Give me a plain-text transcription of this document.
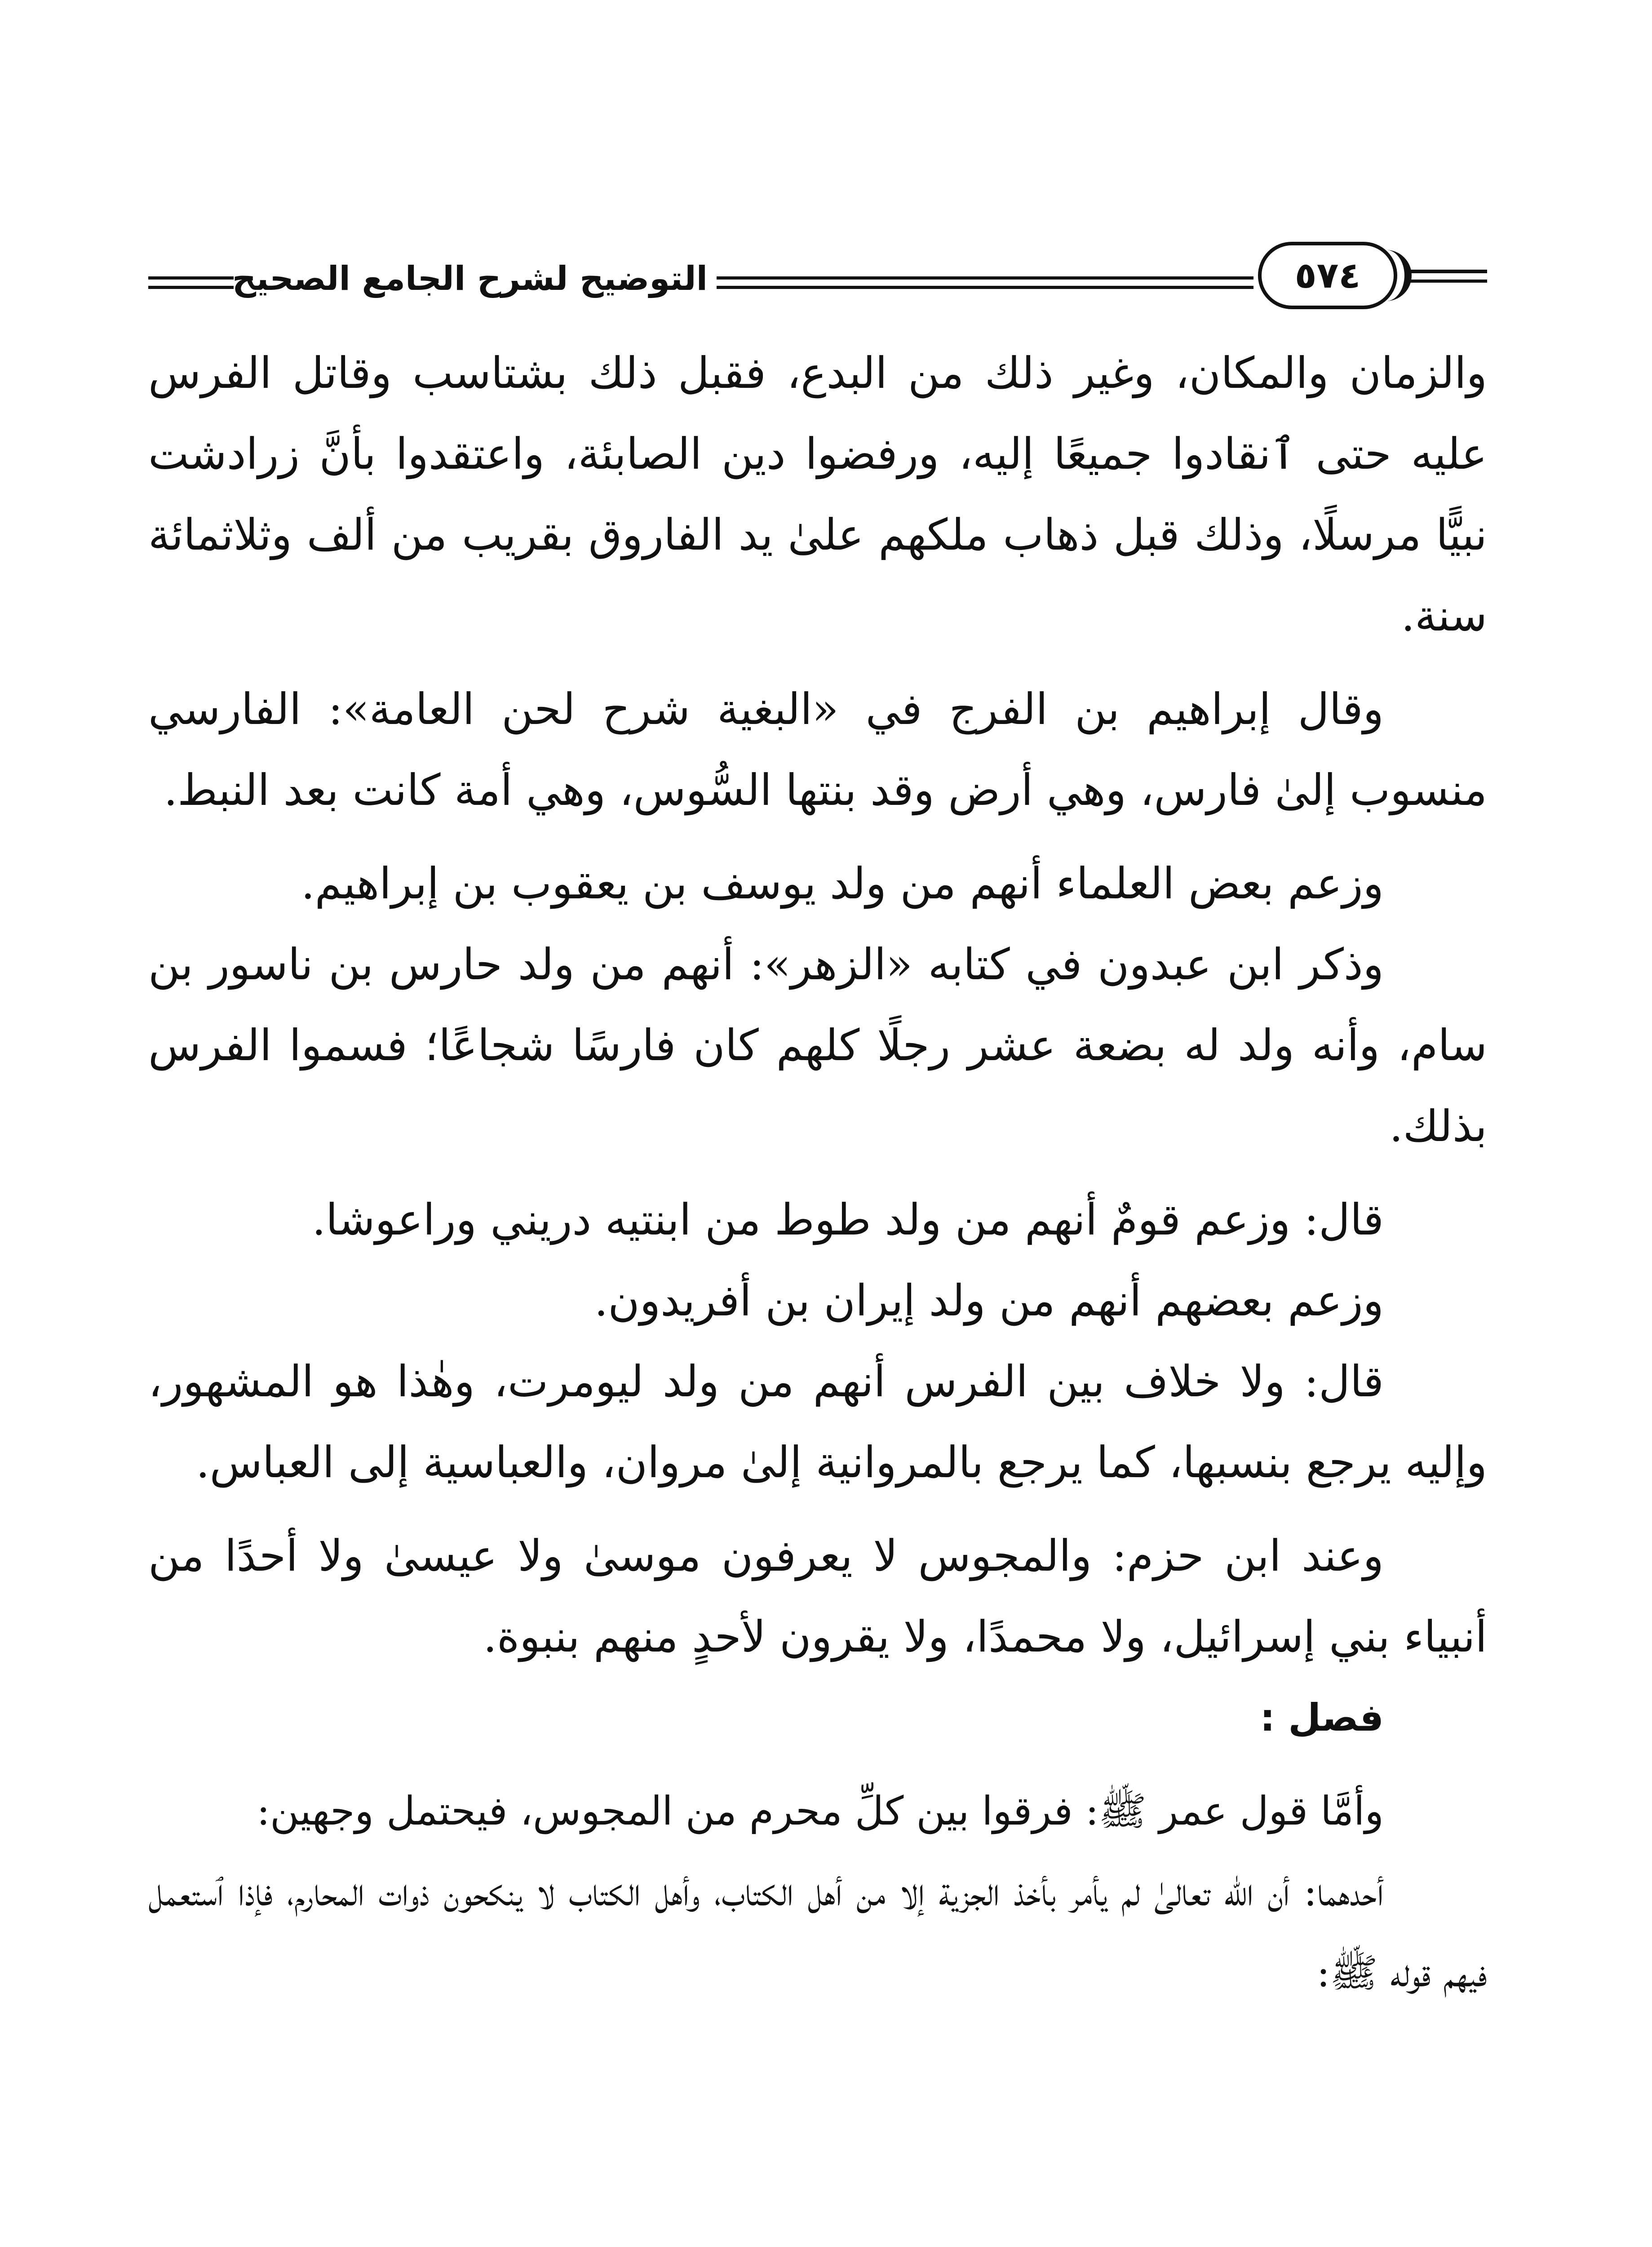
التوضيح لشرح الجامع الصحيح	٥٧٤

والزمان والمكان، وغير ذلك من البدع، فقبل ذلك بشتاسب وقاتل الفرس عليه حتى ٱنقادوا جميعًا إليه، ورفضوا دين الصابئة، واعتقدوا بأنَّ زرادشت نبيًّا مرسلًا، وذلك قبل ذهاب ملكهم علىٰ يد الفاروق بقريب من ألف وثلاثمائة سنة.

وقال إبراهيم بن الفرج في «البغية شرح لحن العامة»: الفارسي منسوب إلىٰ فارس، وهي أرض وقد بنتها السُّوس، وهي أمة كانت بعد النبط.

وزعم بعض العلماء أنهم من ولد يوسف بن يعقوب بن إبراهيم.

وذكر ابن عبدون في كتابه «الزهر»: أنهم من ولد حارس بن ناسور بن سام، وأنه ولد له بضعة عشر رجلًا كلهم كان فارسًا شجاعًا؛ فسموا الفرس بذلك.

قال: وزعم قومٌ أنهم من ولد طوط من ابنتيه دريني وراعوشا.

وزعم بعضهم أنهم من ولد إيران بن أفريدون.

قال: ولا خلاف بين الفرس أنهم من ولد ليومرت، وهٰذا هو المشهور، وإليه يرجع بنسبها، كما يرجع بالمروانية إلىٰ مروان، والعباسية إلى العباس.

وعند ابن حزم: والمجوس لا يعرفون موسىٰ ولا عيسىٰ ولا أحدًا من أنبياء بني إسرائيل، ولا محمدًا، ولا يقرون لأحدٍ منهم بنبوة.

فصل :

وأمَّا قول عمر ﷺ: فرقوا بين كلِّ محرم من المجوس، فيحتمل وجهين:

أحدهما: أن الله تعالىٰ لم يأمر بأخذ الجزية إلا من أهل الكتاب، وأهل الكتاب لا ينكحون ذوات المحارم، فإذا ٱستعمل فيهم قوله ﷺ:
